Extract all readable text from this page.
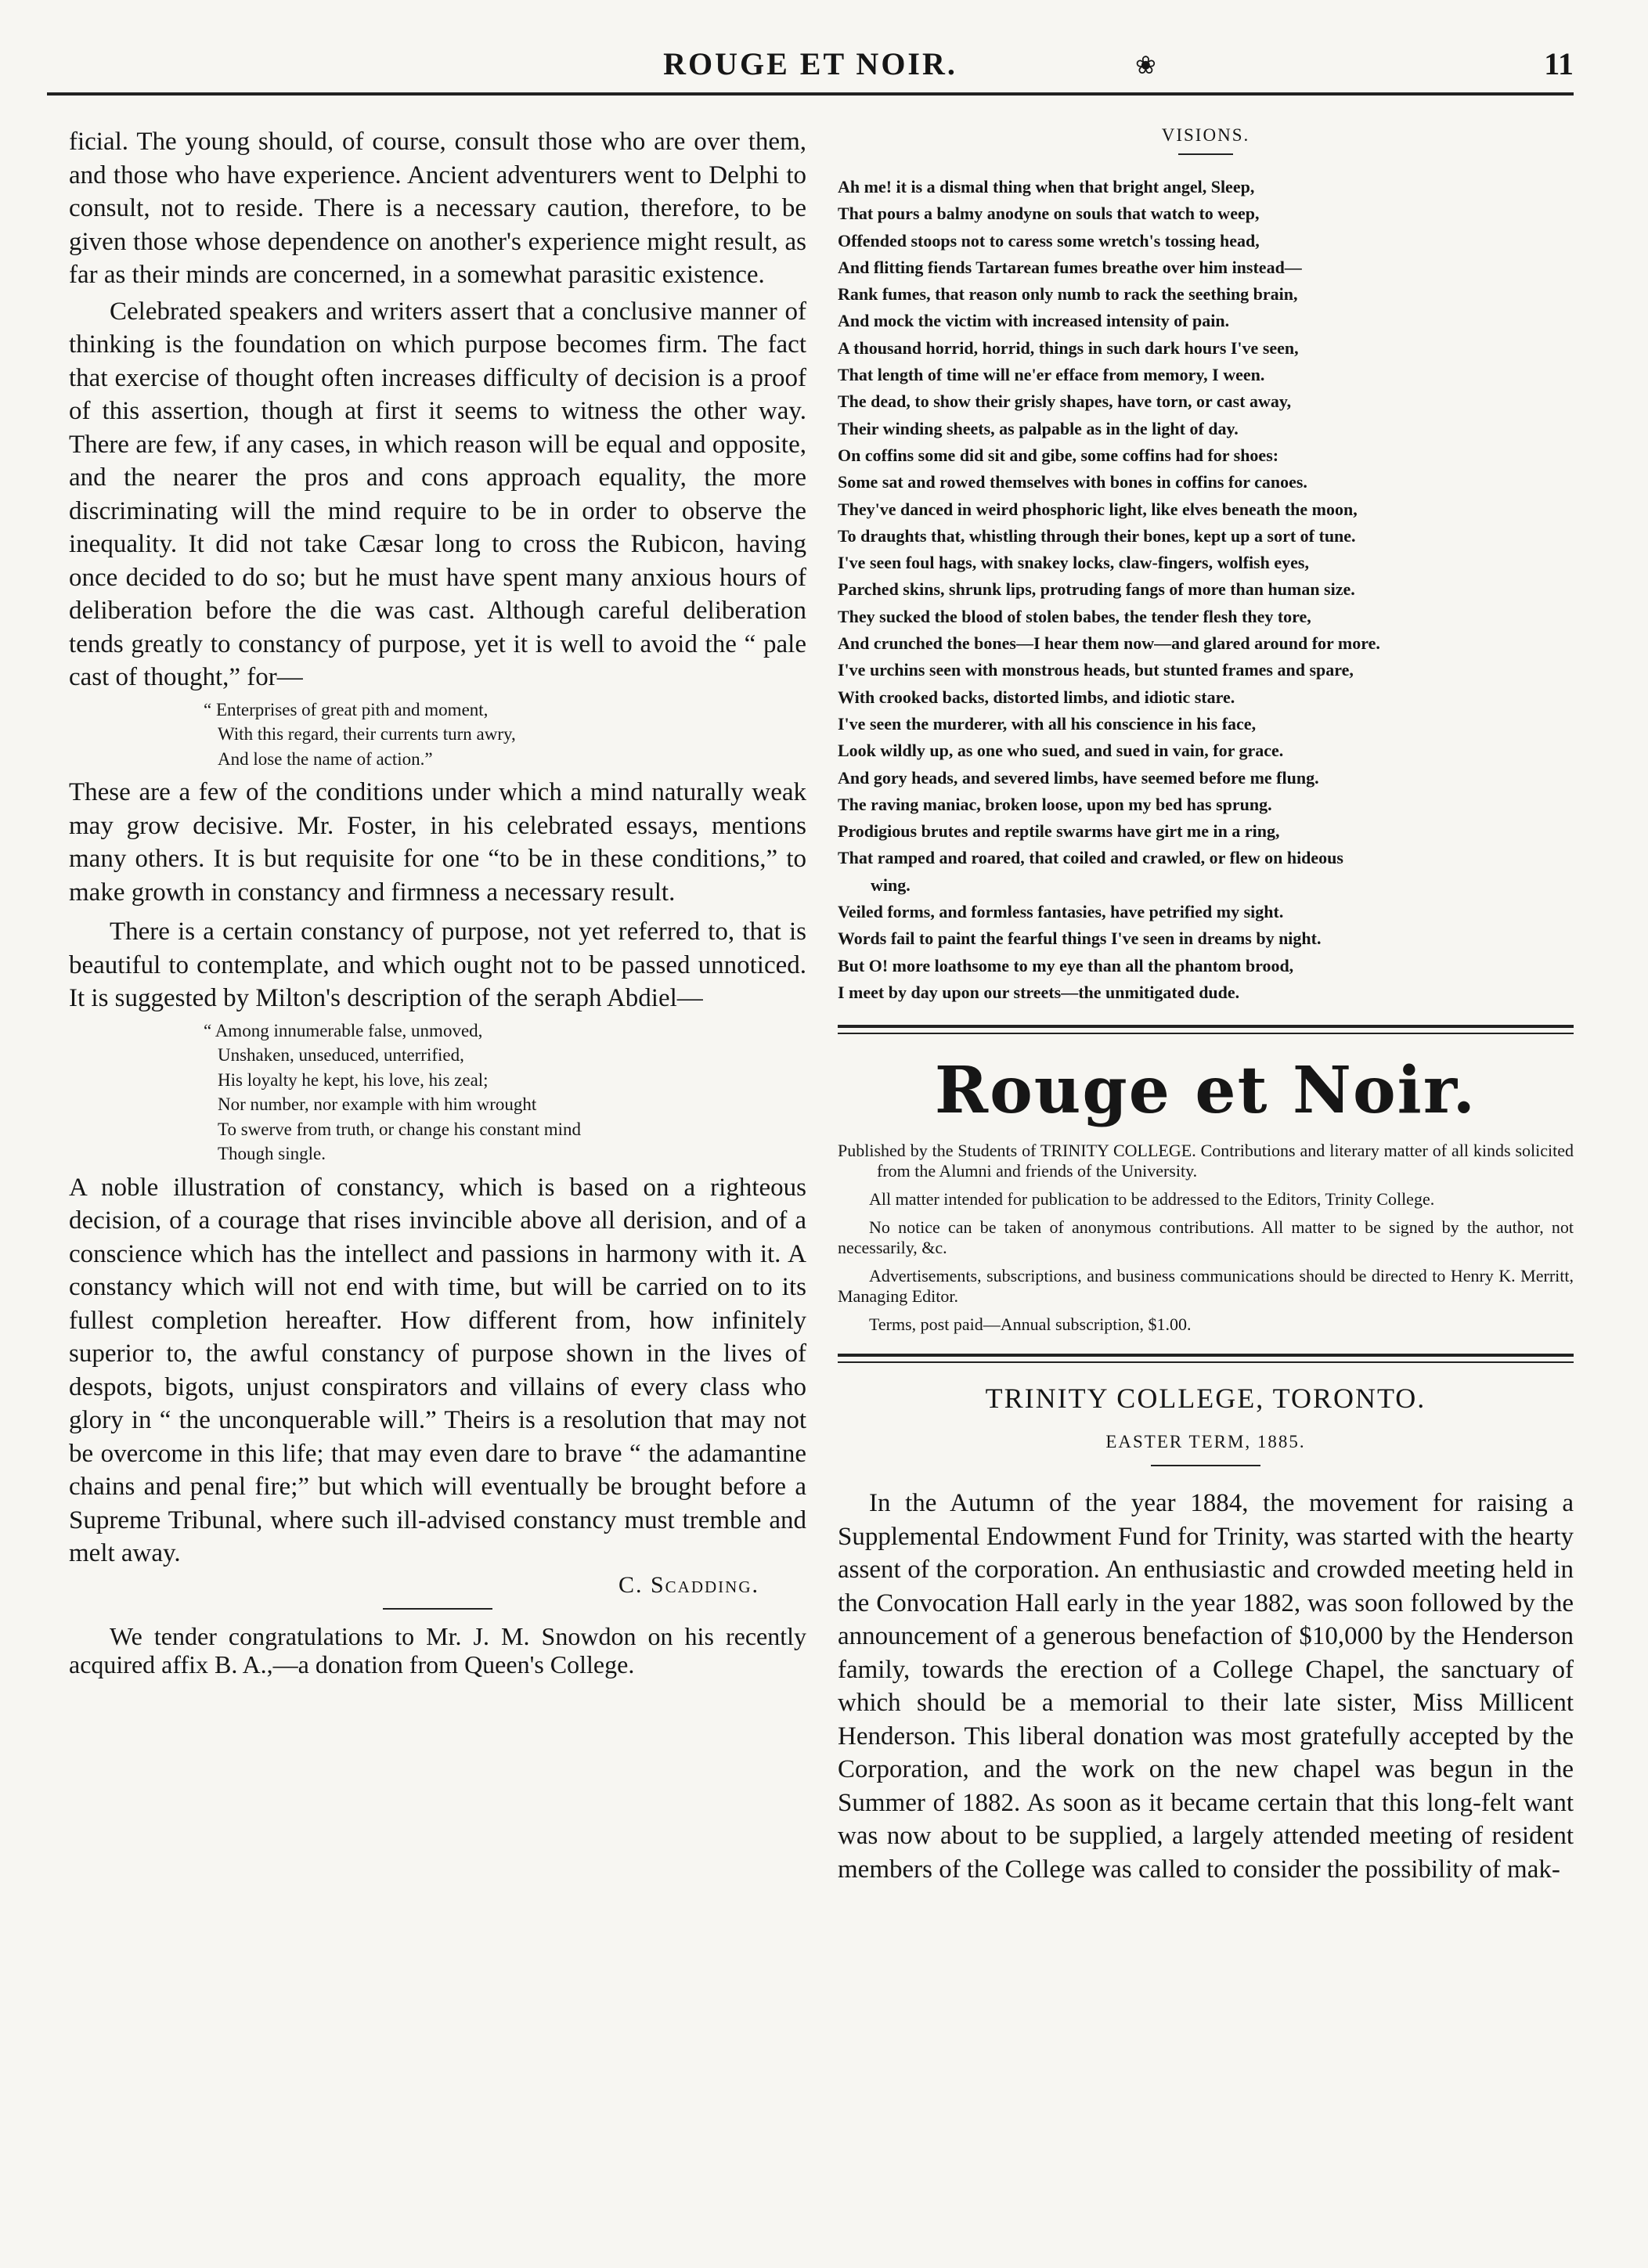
❀
ROUGE ET NOIR.	11

ficial. The young should, of course, consult those who are over them, and those who have experience. Ancient adventurers went to Delphi to consult, not to reside. There is a necessary caution, therefore, to be given those whose dependence on another's experience might result, as far as their minds are concerned, in a somewhat parasitic existence.

Celebrated speakers and writers assert that a conclusive manner of thinking is the foundation on which purpose becomes firm. The fact that exercise of thought often increases difficulty of decision is a proof of this assertion, though at first it seems to witness the other way. There are few, if any cases, in which reason will be equal and opposite, and the nearer the pros and cons approach equality, the more discriminating will the mind require to be in order to observe the inequality. It did not take Cæsar long to cross the Rubicon, having once decided to do so; but he must have spent many anxious hours of deliberation before the die was cast. Although careful deliberation tends greatly to constancy of purpose, yet it is well to avoid the “ pale cast of thought,” for—

“ Enterprises of great pith and moment,
With this regard, their currents turn awry,
And lose the name of action.”

These are a few of the conditions under which a mind naturally weak may grow decisive. Mr. Foster, in his celebrated essays, mentions many others. It is but requisite for one “to be in these conditions,” to make growth in constancy and firmness a necessary result.

There is a certain constancy of purpose, not yet referred to, that is beautiful to contemplate, and which ought not to be passed unnoticed. It is suggested by Milton's description of the seraph Abdiel—

“ Among innumerable false, unmoved,
Unshaken, unseduced, unterrified,
His loyalty he kept, his love, his zeal;
Nor number, nor example with him wrought
To swerve from truth, or change his constant mind
Though single.

A noble illustration of constancy, which is based on a righteous decision, of a courage that rises invincible above all derision, and of a conscience which has the intellect and passions in harmony with it. A constancy which will not end with time, but will be carried on to its fullest completion hereafter. How different from, how infinitely superior to, the awful constancy of purpose shown in the lives of despots, bigots, unjust conspirators and villains of every class who glory in “ the unconquerable will.” Theirs is a resolution that may not be overcome in this life; that may even dare to brave “ the adamantine chains and penal fire;” but which will eventually be brought before a Supreme Tribunal, where such ill-advised constancy must tremble and melt away.

C. Scadding.

We tender congratulations to Mr. J. M. Snowdon on his recently acquired affix B. A.,—a donation from Queen's College.

VISIONS.
Ah me! it is a dismal thing when that bright angel, Sleep,
That pours a balmy anodyne on souls that watch to weep,
Offended stoops not to caress some wretch's tossing head,
And flitting fiends Tartarean fumes breathe over him instead—
Rank fumes, that reason only numb to rack the seething brain,
And mock the victim with increased intensity of pain.
A thousand horrid, horrid, things in such dark hours I've seen,
That length of time will ne'er efface from memory, I ween.
The dead, to show their grisly shapes, have torn, or cast away,
Their winding sheets, as palpable as in the light of day.
On coffins some did sit and gibe, some coffins had for shoes:
Some sat and rowed themselves with bones in coffins for canoes.
They've danced in weird phosphoric light, like elves beneath the moon,
To draughts that, whistling through their bones, kept up a sort of tune.
I've seen foul hags, with snakey locks, claw-fingers, wolfish eyes,
Parched skins, shrunk lips, protruding fangs of more than human size.
They sucked the blood of stolen babes, the tender flesh they tore,
And crunched the bones—I hear them now—and glared around for more.
I've urchins seen with monstrous heads, but stunted frames and spare,
With crooked backs, distorted limbs, and idiotic stare.
I've seen the murderer, with all his conscience in his face,
Look wildly up, as one who sued, and sued in vain, for grace.
And gory heads, and severed limbs, have seemed before me flung.
The raving maniac, broken loose, upon my bed has sprung.
Prodigious brutes and reptile swarms have girt me in a ring,
That ramped and roared, that coiled and crawled, or flew on hideous
wing.
Veiled forms, and formless fantasies, have petrified my sight.
Words fail to paint the fearful things I've seen in dreams by night.
But O! more loathsome to my eye than all the phantom brood,
I meet by day upon our streets—the unmitigated dude.
Rouge et Noir.

Published by the Students of TRINITY COLLEGE. Contributions and literary matter of all kinds solicited from the Alumni and friends of the University.

All matter intended for publication to be addressed to the Editors, Trinity College.

No notice can be taken of anonymous contributions. All matter to be signed by the author, not necessarily, &c.

Advertisements, subscriptions, and business communications should be directed to Henry K. Merritt, Managing Editor.

Terms, post paid—Annual subscription, $1.00.

TRINITY COLLEGE, TORONTO.
EASTER TERM, 1885.

In the Autumn of the year 1884, the movement for raising a Supplemental Endowment Fund for Trinity, was started with the hearty assent of the corporation. An enthusiastic and crowded meeting held in the Convocation Hall early in the year 1882, was soon followed by the announcement of a generous benefaction of $10,000 by the Henderson family, towards the erection of a College Chapel, the sanctuary of which should be a memorial to their late sister, Miss Millicent Henderson. This liberal donation was most gratefully accepted by the Corporation, and the work on the new chapel was begun in the Summer of 1882. As soon as it became certain that this long-felt want was now about to be supplied, a largely attended meeting of resident members of the College was called to consider the possibility of mak-
